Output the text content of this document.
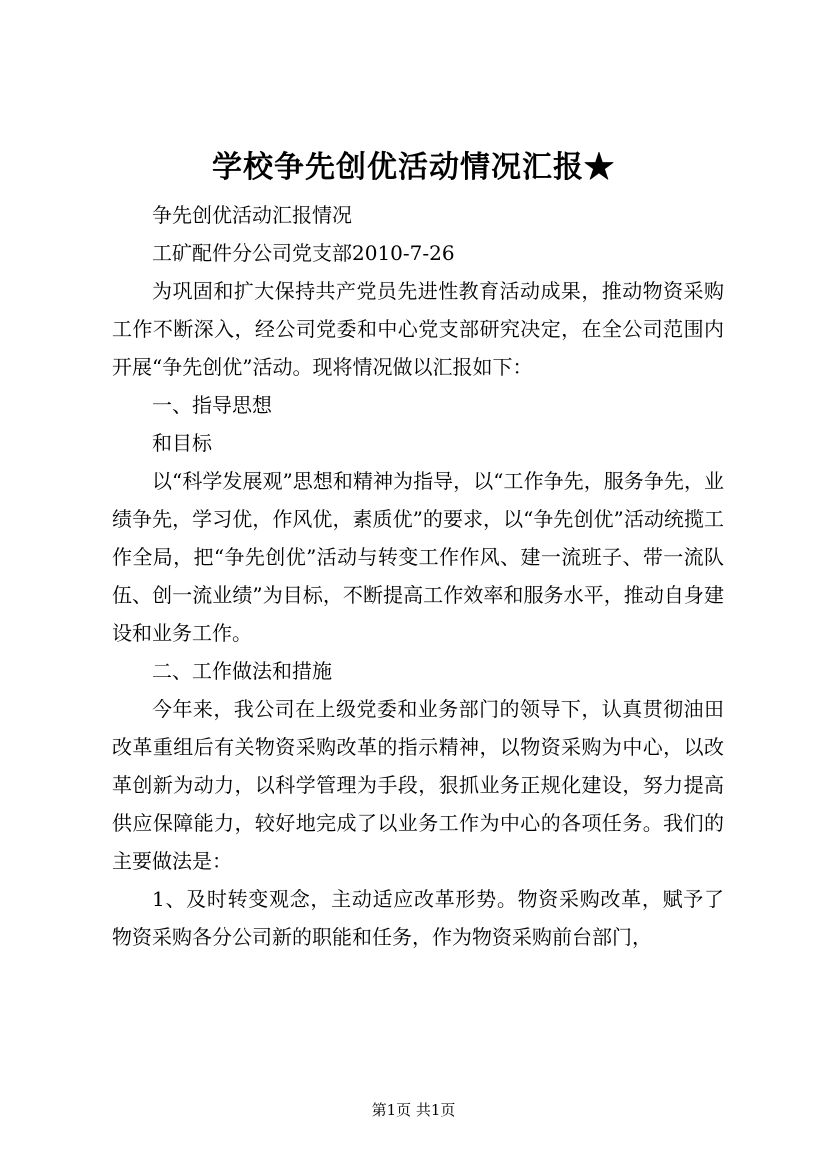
学校争先创优活动情况汇报★

争先创优活动汇报情况

工矿配件分公司党支部2010-7-26

为巩固和扩大保持共产党员先进性教育活动成果，推动物资采购工作不断深入，经公司党委和中心党支部研究决定，在全公司范围内开展“争先创优”活动。现将情况做以汇报如下：

一、指导思想

和目标

以“科学发展观”思想和精神为指导，以“工作争先，服务争先，业绩争先，学习优，作风优，素质优”的要求，以“争先创优”活动统揽工作全局，把“争先创优”活动与转变工作作风、建一流班子、带一流队伍、创一流业绩”为目标，不断提高工作效率和服务水平，推动自身建设和业务工作。

二、工作做法和措施

今年来，我公司在上级党委和业务部门的领导下，认真贯彻油田改革重组后有关物资采购改革的指示精神，以物资采购为中心，以改革创新为动力，以科学管理为手段，狠抓业务正规化建设，努力提高供应保障能力，较好地完成了以业务工作为中心的各项任务。我们的主要做法是：

1、及时转变观念，主动适应改革形势。物资采购改革，赋予了物资采购各分公司新的职能和任务，作为物资采购前台部门，

第1页 共1页
